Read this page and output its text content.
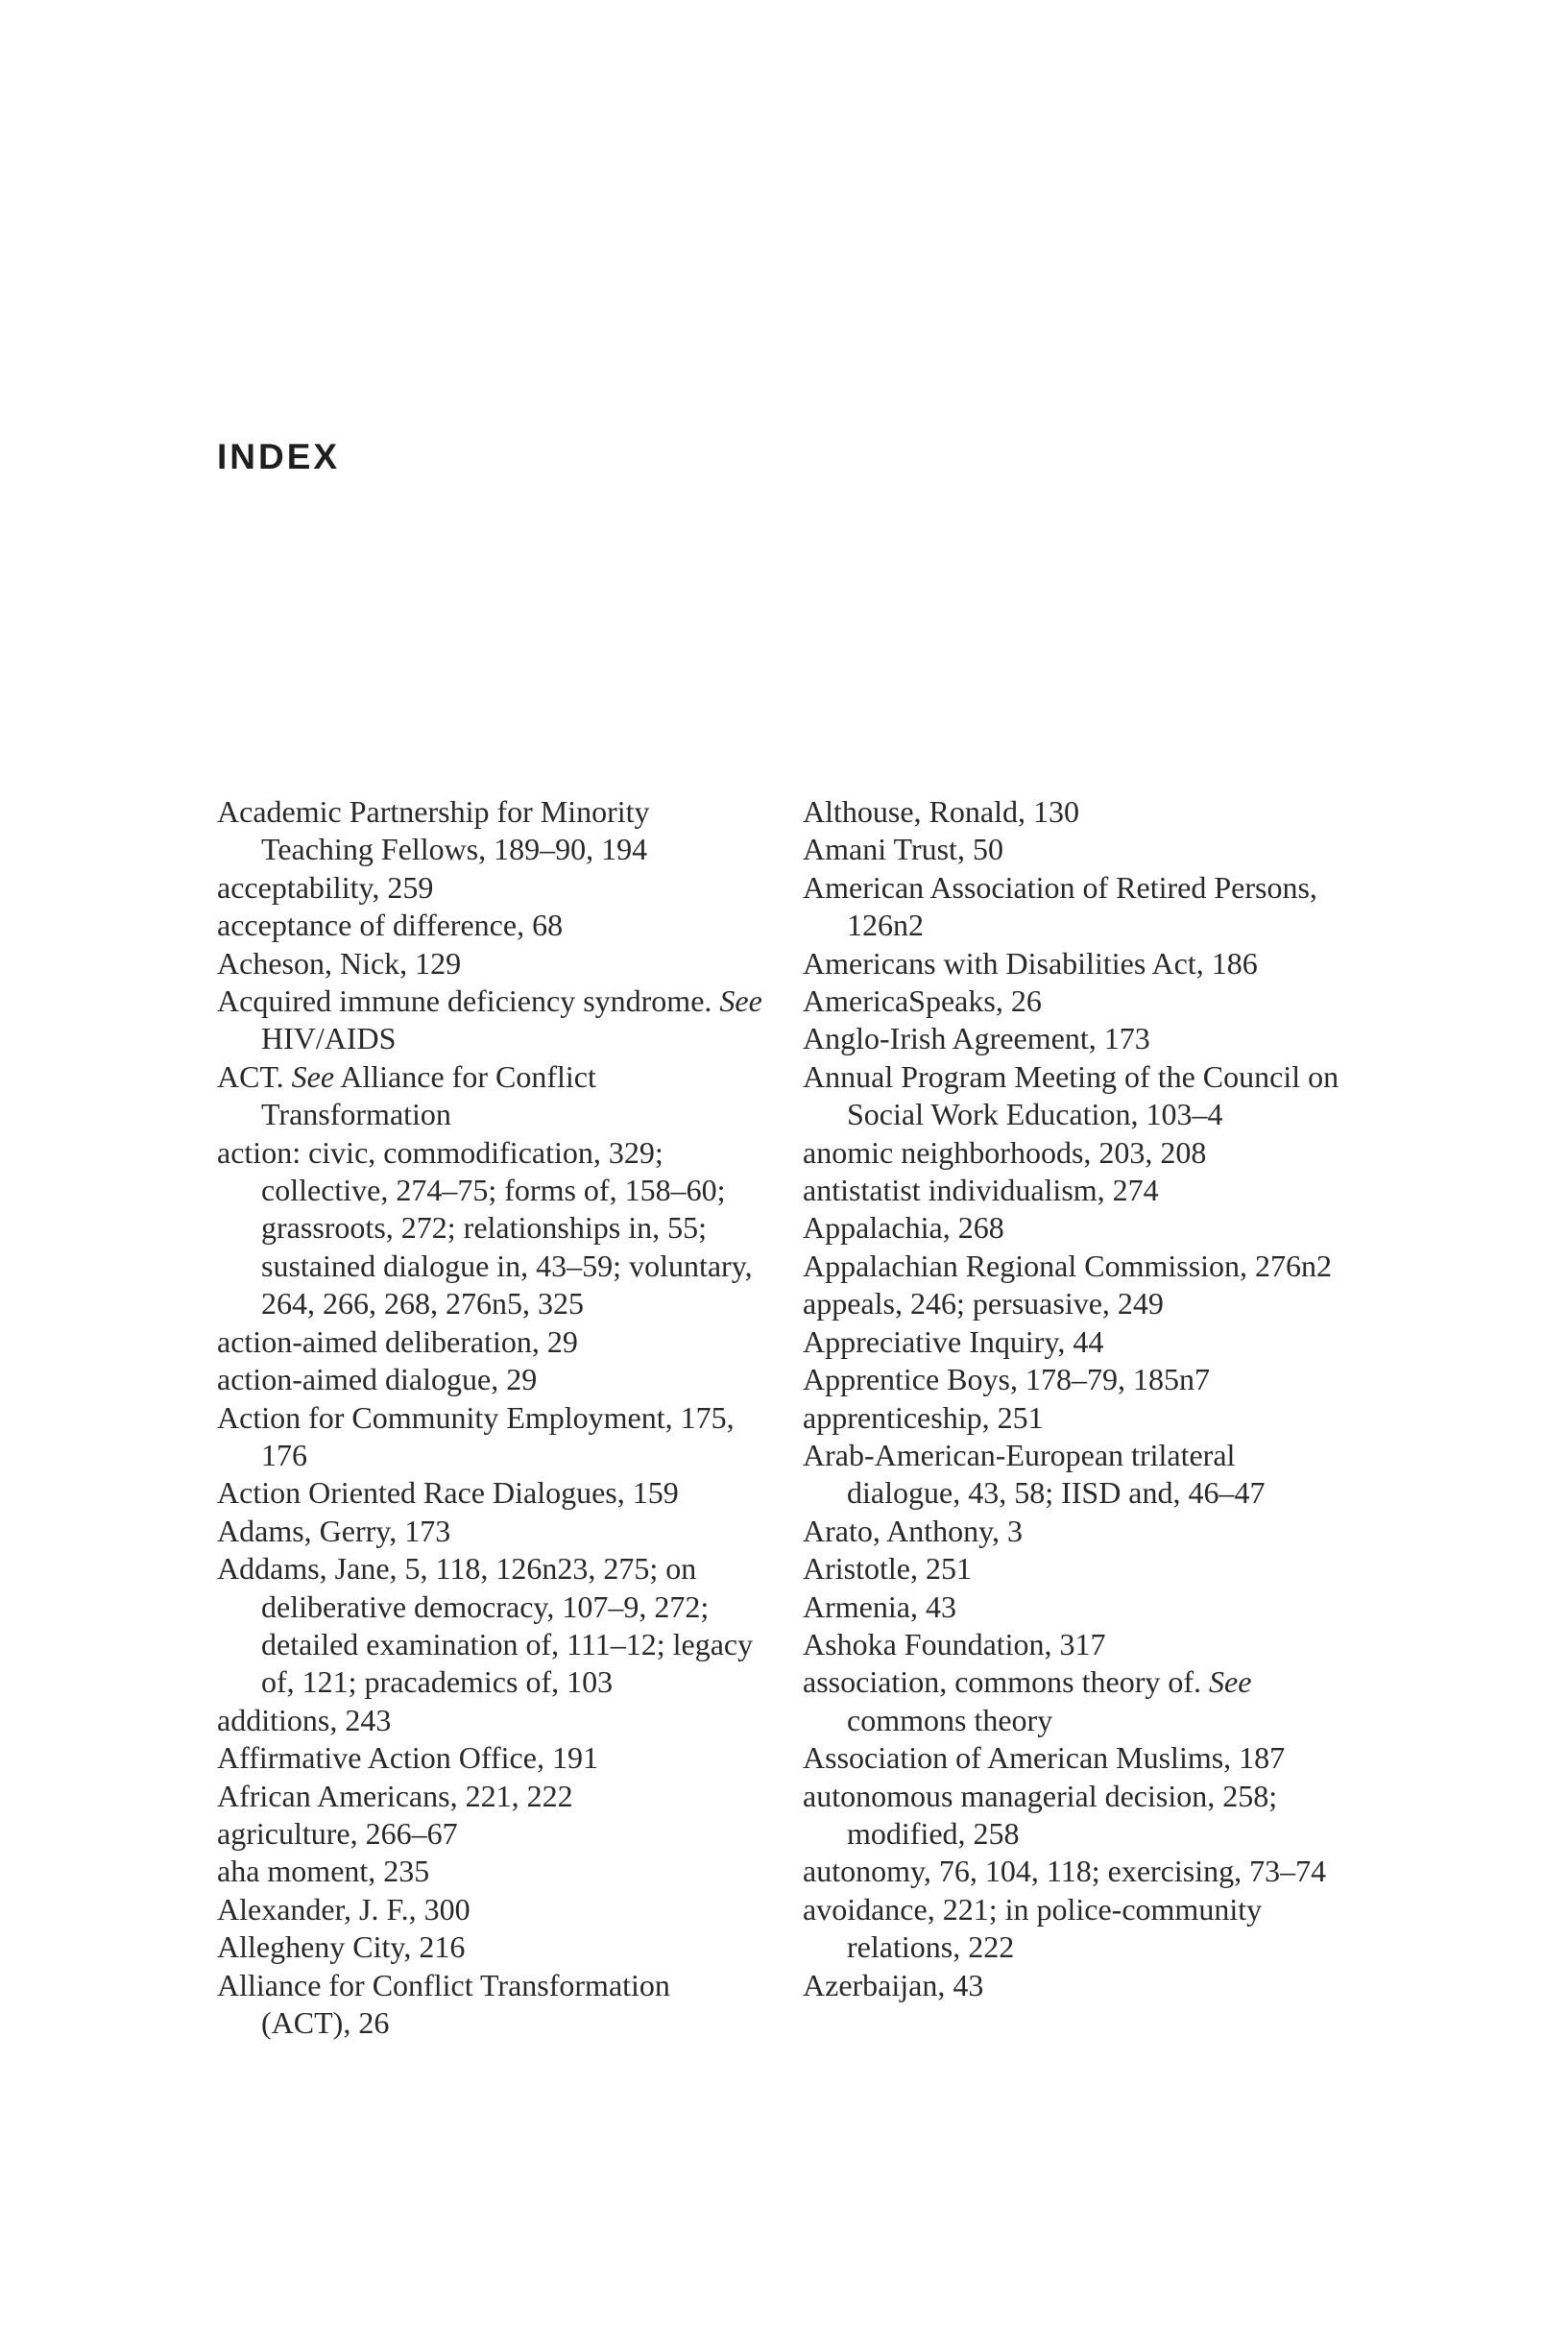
INDEX
Academic Partnership for Minority Teaching Fellows, 189–90, 194
acceptability, 259
acceptance of difference, 68
Acheson, Nick, 129
Acquired immune deficiency syndrome. See HIV/AIDS
ACT. See Alliance for Conflict Transformation
action: civic, commodification, 329; collective, 274–75; forms of, 158–60; grassroots, 272; relationships in, 55; sustained dialogue in, 43–59; voluntary, 264, 266, 268, 276n5, 325
action-aimed deliberation, 29
action-aimed dialogue, 29
Action for Community Employment, 175, 176
Action Oriented Race Dialogues, 159
Adams, Gerry, 173
Addams, Jane, 5, 118, 126n23, 275; on deliberative democracy, 107–9, 272; detailed examination of, 111–12; legacy of, 121; pracademics of, 103
additions, 243
Affirmative Action Office, 191
African Americans, 221, 222
agriculture, 266–67
aha moment, 235
Alexander, J. F., 300
Allegheny City, 216
Alliance for Conflict Transformation (ACT), 26
Althouse, Ronald, 130
Amani Trust, 50
American Association of Retired Persons, 126n2
Americans with Disabilities Act, 186
AmericaSpeaks, 26
Anglo-Irish Agreement, 173
Annual Program Meeting of the Council on Social Work Education, 103–4
anomic neighborhoods, 203, 208
antistatist individualism, 274
Appalachia, 268
Appalachian Regional Commission, 276n2
appeals, 246; persuasive, 249
Appreciative Inquiry, 44
Apprentice Boys, 178–79, 185n7
apprenticeship, 251
Arab-American-European trilateral dialogue, 43, 58; IISD and, 46–47
Arato, Anthony, 3
Aristotle, 251
Armenia, 43
Ashoka Foundation, 317
association, commons theory of. See commons theory
Association of American Muslims, 187
autonomous managerial decision, 258; modified, 258
autonomy, 76, 104, 118; exercising, 73–74
avoidance, 221; in police-community relations, 222
Azerbaijan, 43
